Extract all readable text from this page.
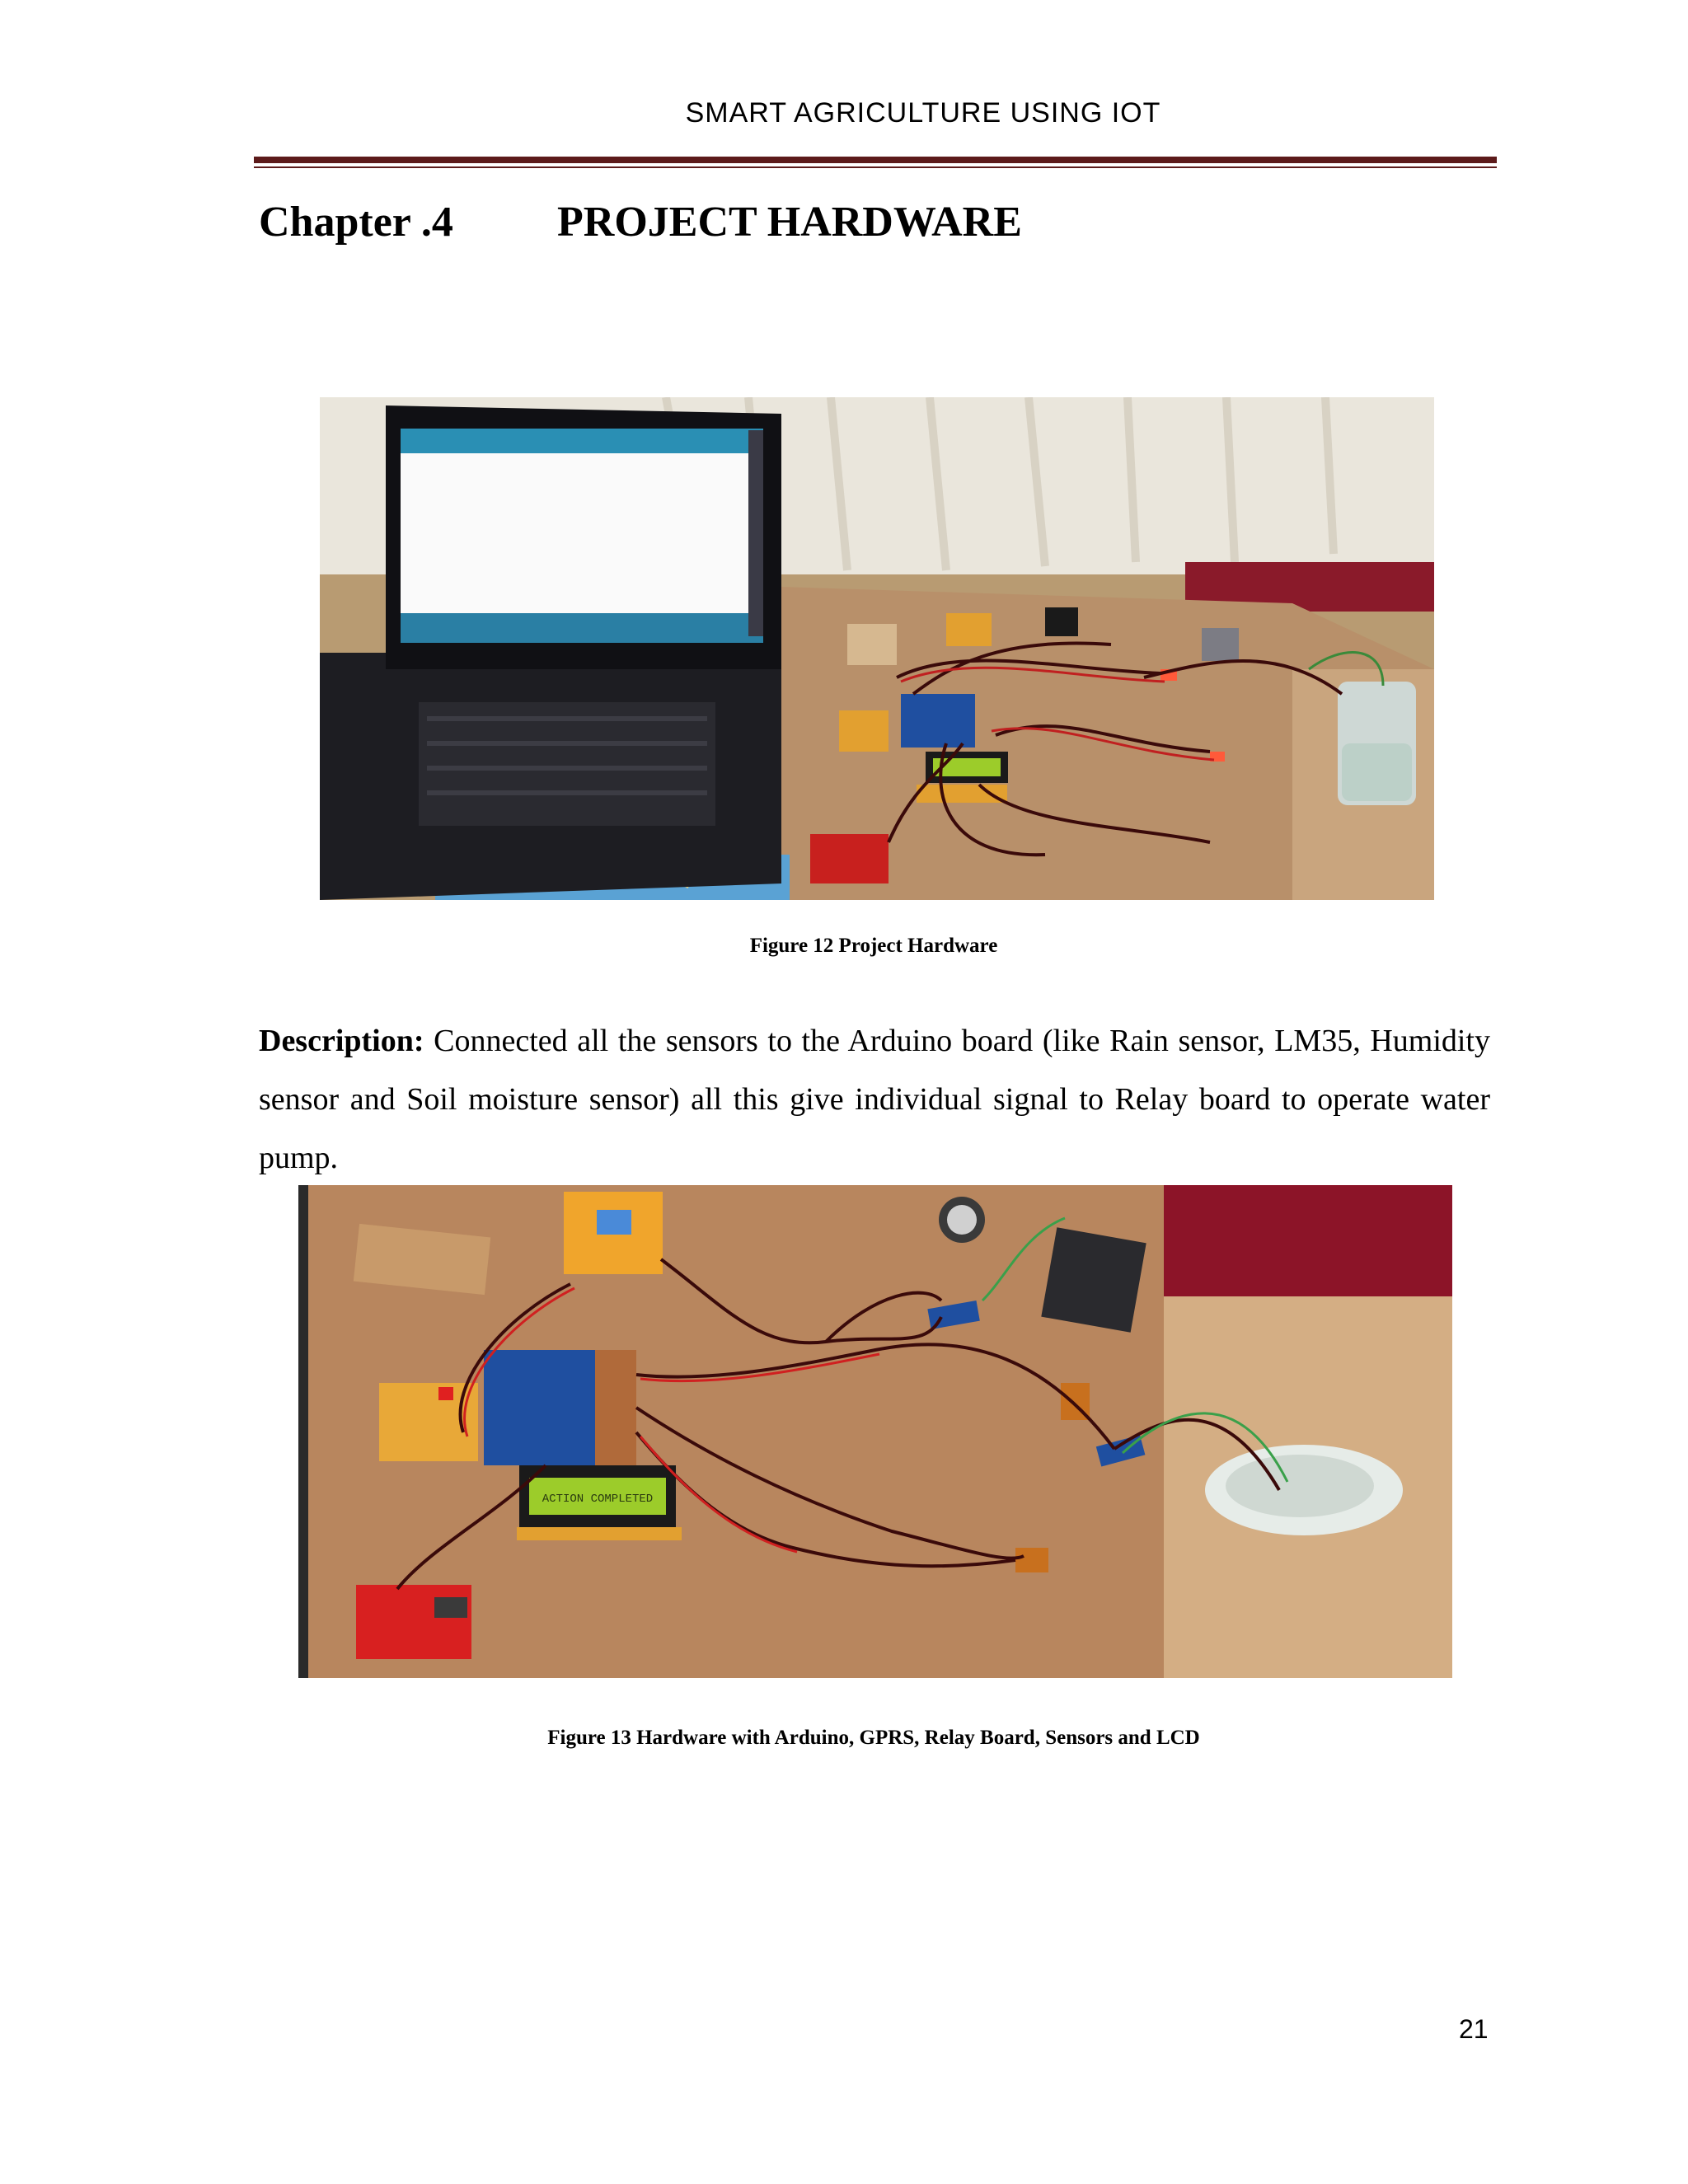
SMART AGRICULTURE USING IOT
Chapter .4 PROJECT HARDWARE
Figure 12 Project Hardware

Description: Connected all the sensors to the Arduino board (like Rain sensor, LM35, Humidity sensor and Soil moisture sensor) all this give individual signal to Relay board to operate water pump.

ACTION COMPLETED
Figure 13 Hardware with Arduino, GPRS, Relay Board, Sensors and LCD
21
